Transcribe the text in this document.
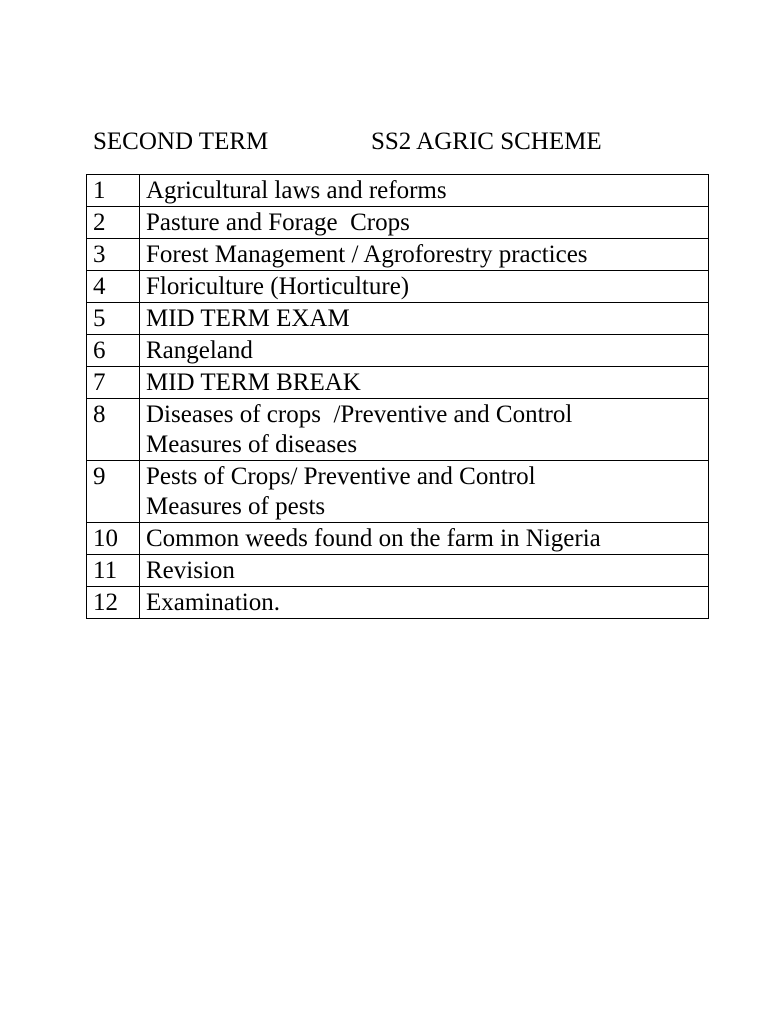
SECOND TERM

	SS2 AGRIC SCHEME

1	Agricultural laws and reforms
2	Pasture and Forage  Crops
3	Forest Management / Agroforestry practices
4	Floriculture (Horticulture)
5	MID TERM EXAM
6	Rangeland
7	MID TERM BREAK
8	Diseases of crops  /Preventive and Control Measures of diseases
9	Pests of Crops/ Preventive and Control Measures of pests
10	Common weeds found on the farm in Nigeria
11	Revision
12	Examination.
